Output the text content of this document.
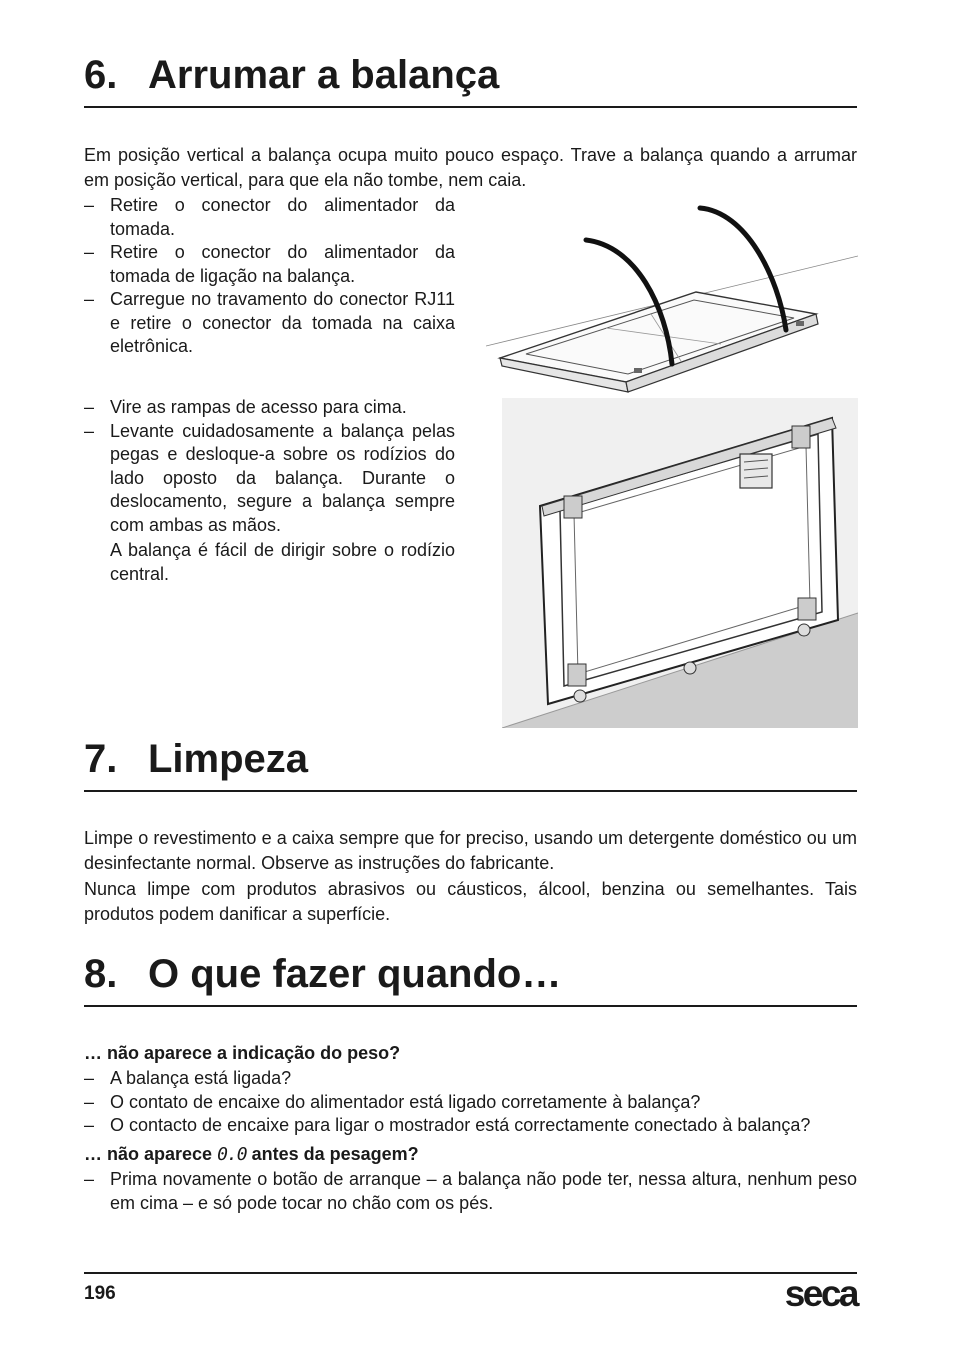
6. Arrumar a balança

Em posição vertical a balança ocupa muito pouco espaço. Trave a balança quando a arrumar em posição vertical, para que ela não tombe, nem caia.

– Retire o conector do alimentador da tomada.
– Retire o conector do alimentador da tomada de ligação na balança.
– Carregue no travamento do conector RJ11 e retire o conector da tomada na caixa eletrônica.
– Vire as rampas de acesso para cima.
– Levante cuidadosamente a balança pelas pegas e desloque-a sobre os rodízios do lado oposto da balança. Durante o deslocamento, segure a balança sempre com ambas as mãos.
A balança é fácil de dirigir sobre o rodízio central.
7. Limpeza

Limpe o revestimento e a caixa sempre que for preciso, usando um detergente doméstico ou um desinfectante normal. Observe as instruções do fabricante.

Nunca limpe com produtos abrasivos ou cáusticos, álcool, benzina ou semelhantes. Tais produtos podem danificar a superfície.

8. O que fazer quando…

… não aparece a indicação do peso?

– A balança está ligada?
– O contato de encaixe do alimentador está ligado corretamente à balança?
– O contacto de encaixe para ligar o mostrador está correctamente conectado à balança?

… não aparece 0.0 antes da pesagem?

– Prima novamente o botão de arranque – a balança não pode ter, nessa altura, nenhum peso em cima – e só pode tocar no chão com os pés.
196	seca
